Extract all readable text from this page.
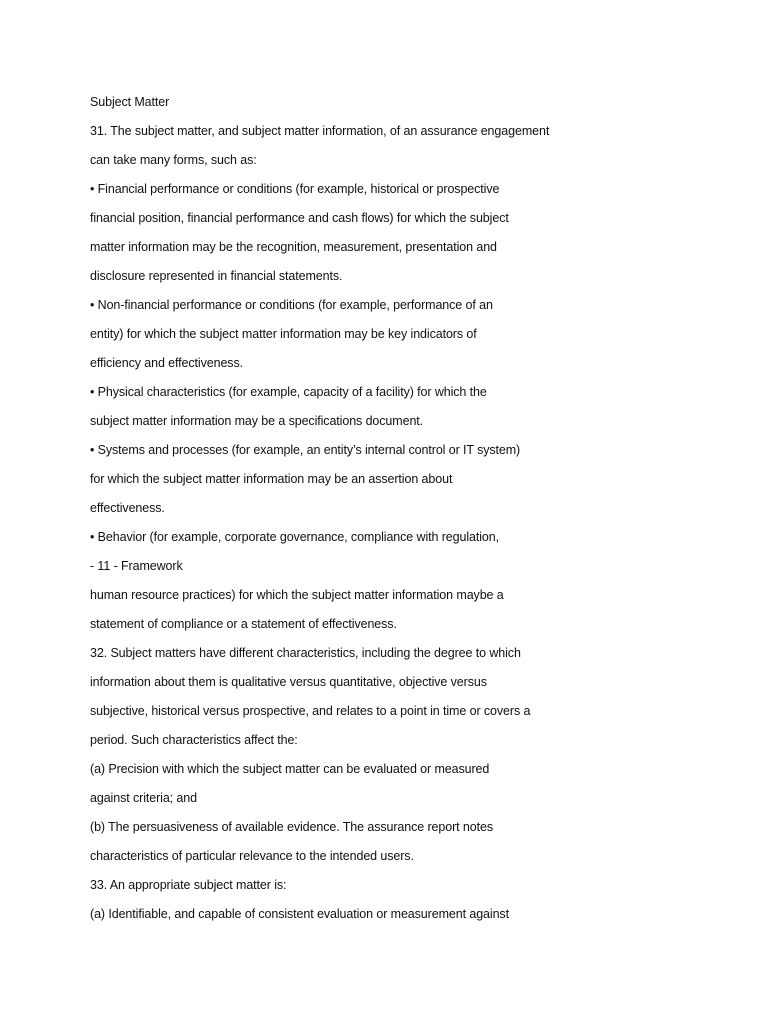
Subject Matter
31. The subject matter, and subject matter information, of an assurance engagement
can take many forms, such as:
• Financial performance or conditions (for example, historical or prospective
financial position, financial performance and cash flows) for which the subject
matter information may be the recognition, measurement, presentation and
disclosure represented in financial statements.
• Non-financial performance or conditions (for example, performance of an
entity) for which the subject matter information may be key indicators of
efficiency and effectiveness.
• Physical characteristics (for example, capacity of a facility) for which the
subject matter information may be a specifications document.
• Systems and processes (for example, an entity’s internal control or IT system)
for which the subject matter information may be an assertion about
effectiveness.
• Behavior (for example, corporate governance, compliance with regulation,
- 11 - Framework
human resource practices) for which the subject matter information maybe a
statement of compliance or a statement of effectiveness.
32. Subject matters have different characteristics, including the degree to which
information about them is qualitative versus quantitative, objective versus
subjective, historical versus prospective, and relates to a point in time or covers a
period. Such characteristics affect the:
(a) Precision with which the subject matter can be evaluated or measured
against criteria; and
(b) The persuasiveness of available evidence. The assurance report notes
characteristics of particular relevance to the intended users.
33. An appropriate subject matter is:
(a) Identifiable, and capable of consistent evaluation or measurement against
